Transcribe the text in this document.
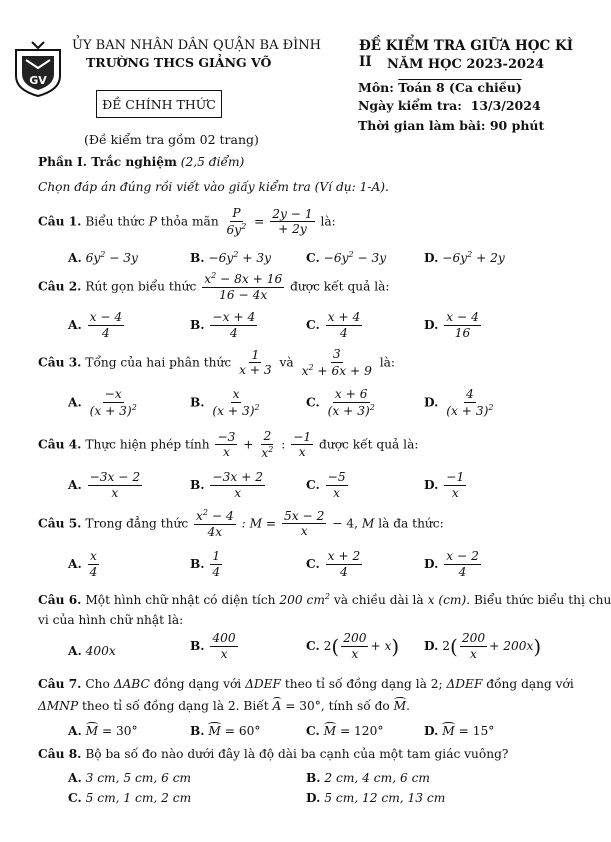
GV
ỦY BAN NHÂN DÂN QUẬN BA ĐÌNH
TRƯỜNG THCS GIẢNG VÕ
ĐỀ CHÍNH THỨC
(Đề kiểm tra gồm 02 trang)
ĐỀ KIỂM TRA GIỮA HỌC KÌ II	NĂM HỌC 2023-2024
Môn: Toán 8 (Ca chiều)
Ngày kiểm tra: 13/3/2024
Thời gian làm bài: 90 phút
Phần I. Trắc nghiệm (2,5 điểm)
Chọn đáp án đúng rồi viết vào giấy kiểm tra (Ví dụ: 1-A).
Câu 1. Biểu thức P thỏa mãn $\frac{P}{6y^2} = \frac{2y - 1}{+ 2y}$ là:
A. $6y^2 - 3y$	B. $-6y^2 + 3y$	C. $-6y^2 - 3y$	D. $-6y^2 + 2y$
Câu 2. Rút gọn biểu thức $\frac{x^2 - 8x + 16}{16 - 4x}$ được kết quả là:
A. $\frac{x - 4}{4}$	B. $\frac{-x + 4}{4}$	C. $\frac{x + 4}{4}$	D. $\frac{x - 4}{16}$
Câu 3. Tổng của hai phân thức $\frac{1}{x + 3}$ và $\frac{3}{x^2 + 6x + 9}$ là:
A. $\frac{-x}{(x + 3)^2}$	B. $\frac{x}{(x + 3)^2}$	C. $\frac{x + 6}{(x + 3)^2}$	D. $\frac{4}{(x + 3)^2}$
Câu 4. Thực hiện phép tính $\frac{-3}{x} + \frac{2}{x^2}$ : $\frac{-1}{x}$ được kết quả là:
A. $\frac{-3x - 2}{x}$	B. $\frac{-3x + 2}{x}$	C. $\frac{-5}{x}$	D. $\frac{-1}{x}$
Câu 5. Trong đẳng thức $\frac{x^2 - 4}{4x}$ : $M = \frac{5x - 2}{x} - 4$, M là đa thức:
A. $\frac{x}{4}$	B. $\frac{1}{4}$	C. $\frac{x + 2}{4}$	D. $\frac{x - 2}{4}$
Câu 6. Một hình chữ nhật có diện tích 200 $cm^2$ và chiều dài là x (cm). Biểu thức biểu thị chu
vi của hình chữ nhật là:
A. 400x	B. $\frac{400}{x}$	C. $2( \frac{200}{x} + x)$ D. $2( \frac{200}{x} + 200x)$
Câu 7. Cho ΔABC đồng dạng với ΔDEF theo tỉ số đồng dạng là 2; ΔDEF đồng dạng với
ΔMNP theo tỉ số đồng dạng là 2. Biết A = 30°, tính số đo M.
A. M = 30°	B. M = 60°	C. M = 120°	D. M = 15°
Câu 8. Bộ ba số đo nào dưới đây là độ dài ba cạnh của một tam giác vuông?
A. 3 cm, 5 cm, 6 cm	B. 2 cm, 4 cm, 6 cm
C. 5 cm, 1 cm, 2 cm	D. 5 cm, 12 cm, 13 cm
